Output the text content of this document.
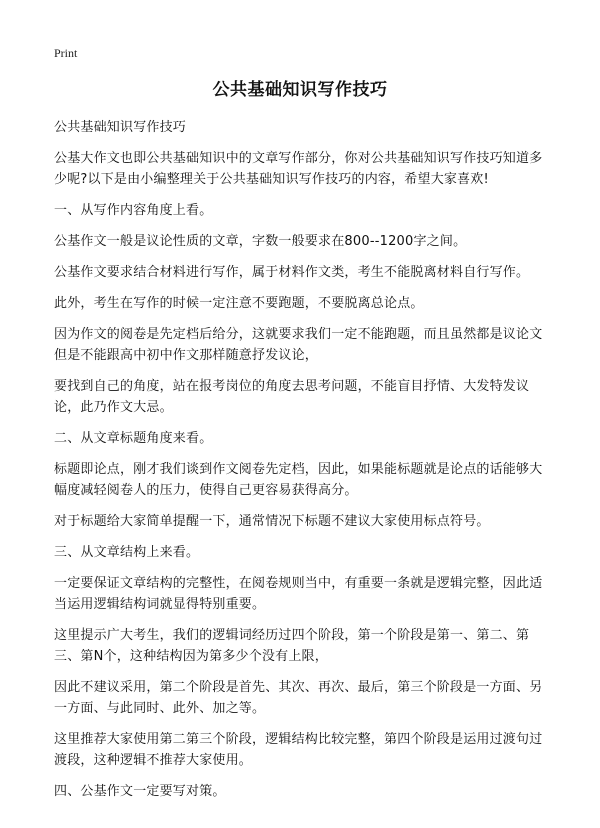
Print
公共基础知识写作技巧

公共基础知识写作技巧

公基大作文也即公共基础知识中的文章写作部分，你对公共基础知识写作技巧知道多少呢?以下是由小编整理关于公共基础知识写作技巧的内容，希望大家喜欢!

一、从写作内容角度上看。

公基作文一般是议论性质的文章，字数一般要求在800--1200字之间。

公基作文要求结合材料进行写作，属于材料作文类，考生不能脱离材料自行写作。

此外，考生在写作的时候一定注意不要跑题，不要脱离总论点。

因为作文的阅卷是先定档后给分，这就要求我们一定不能跑题，而且虽然都是议论文但是不能跟高中初中作文那样随意抒发议论，

要找到自己的角度，站在报考岗位的角度去思考问题，不能盲目抒情、大发特发议论，此乃作文大忌。

二、从文章标题角度来看。

标题即论点，刚才我们谈到作文阅卷先定档，因此，如果能标题就是论点的话能够大幅度减轻阅卷人的压力，使得自己更容易获得高分。

对于标题给大家简单提醒一下，通常情况下标题不建议大家使用标点符号。

三、从文章结构上来看。

一定要保证文章结构的完整性，在阅卷规则当中，有重要一条就是逻辑完整，因此适当运用逻辑结构词就显得特别重要。

这里提示广大考生，我们的逻辑词经历过四个阶段，第一个阶段是第一、第二、第三、第N个，这种结构因为第多少个没有上限，

因此不建议采用，第二个阶段是首先、其次、再次、最后，第三个阶段是一方面、另一方面、与此同时、此外、加之等。

这里推荐大家使用第二第三个阶段，逻辑结构比较完整，第四个阶段是运用过渡句过渡段，这种逻辑不推荐大家使用。

四、公基作文一定要写对策。
